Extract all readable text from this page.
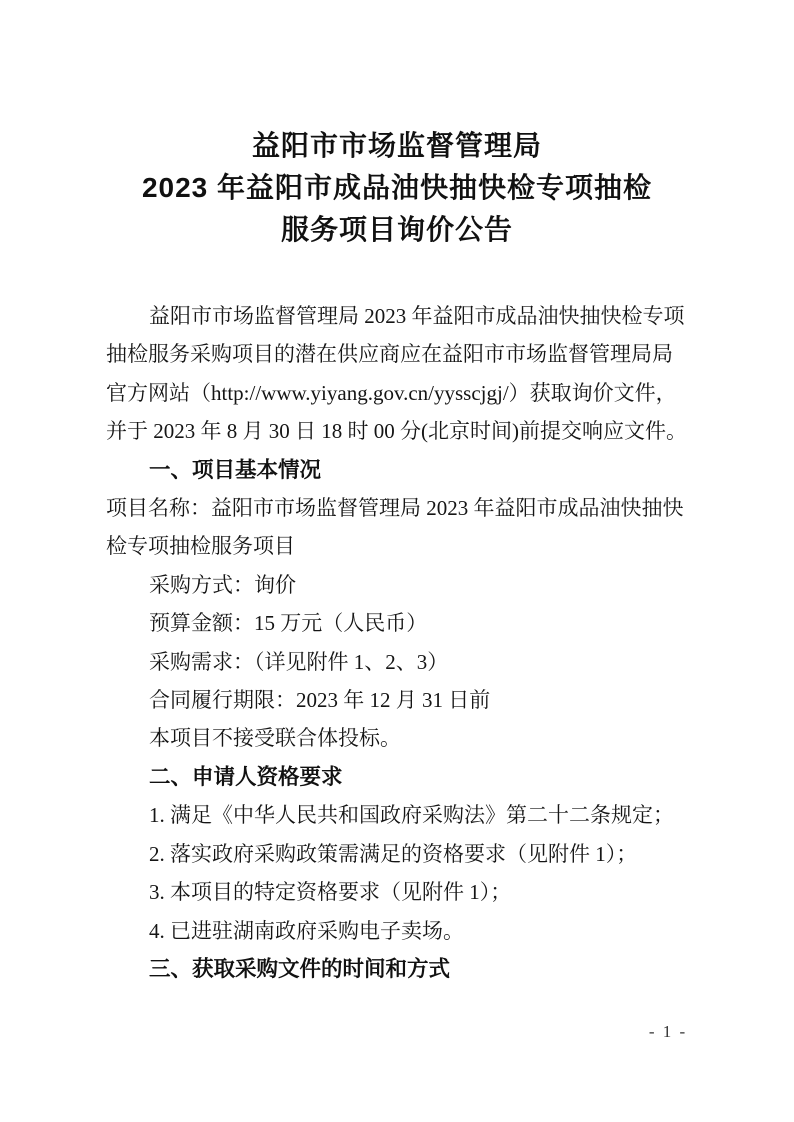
益阳市市场监督管理局
2023 年益阳市成品油快抽快检专项抽检
服务项目询价公告
益阳市市场监督管理局 2023 年益阳市成品油快抽快检专项
抽检服务采购项目的潜在供应商应在益阳市市场监督管理局局
官方网站（http://www.yiyang.gov.cn/yysscjgj/）获取询价文件，
并于 2023 年 8 月 30 日 18 时 00 分(北京时间)前提交响应文件。
一、项目基本情况
项目名称：益阳市市场监督管理局 2023 年益阳市成品油快抽快
检专项抽检服务项目
采购方式：询价
预算金额：15 万元（人民币）
采购需求：（详见附件 1、2、3）
合同履行期限：2023 年 12 月 31 日前
本项目不接受联合体投标。
二、申请人资格要求
1. 满足《中华人民共和国政府采购法》第二十二条规定；
2. 落实政府采购政策需满足的资格要求（见附件 1）；
3. 本项目的特定资格要求（见附件 1）；
4. 已进驻湖南政府采购电子卖场。
三、获取采购文件的时间和方式
- 1 -
